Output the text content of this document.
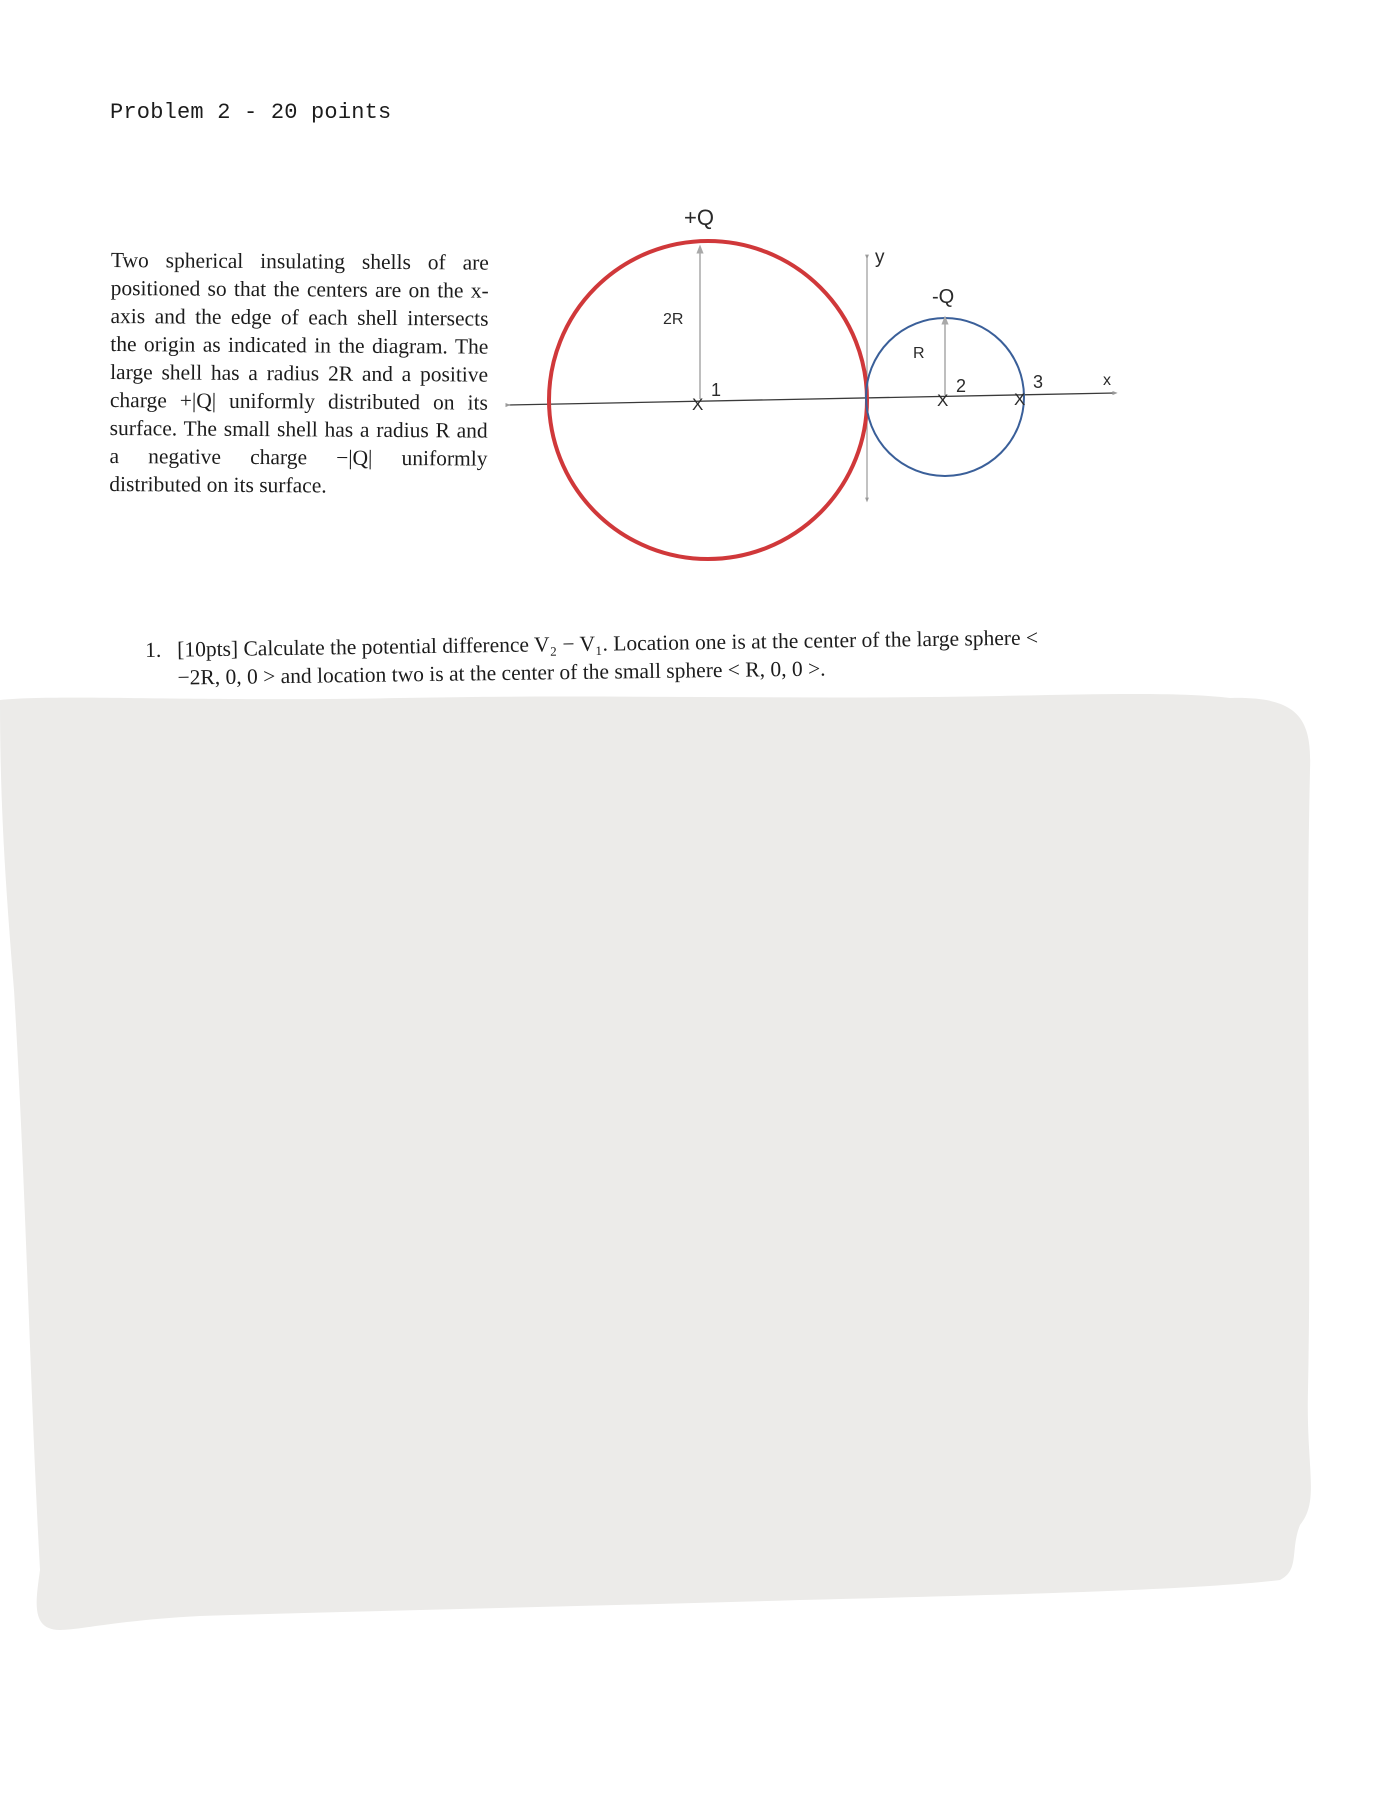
Problem 2 - 20 points
Two spherical insulating shells of are positioned so that the centers are on the x-axis and the edge of each shell intersects the origin as indicated in the diagram. The large shell has a radius 2R and a positive charge +|Q| uniformly distributed on its surface. The small shell has a radius R and a negative charge −|Q| uniformly distributed on its surface.
+Q
-Q
2R
R
y
x
X
1
X
2
X
3
1. [10pts] Calculate the potential difference V₂ − V₁. Location one is at the center of the large sphere <
−2R, 0, 0 > and location two is at the center of the small sphere < R, 0, 0 >.
